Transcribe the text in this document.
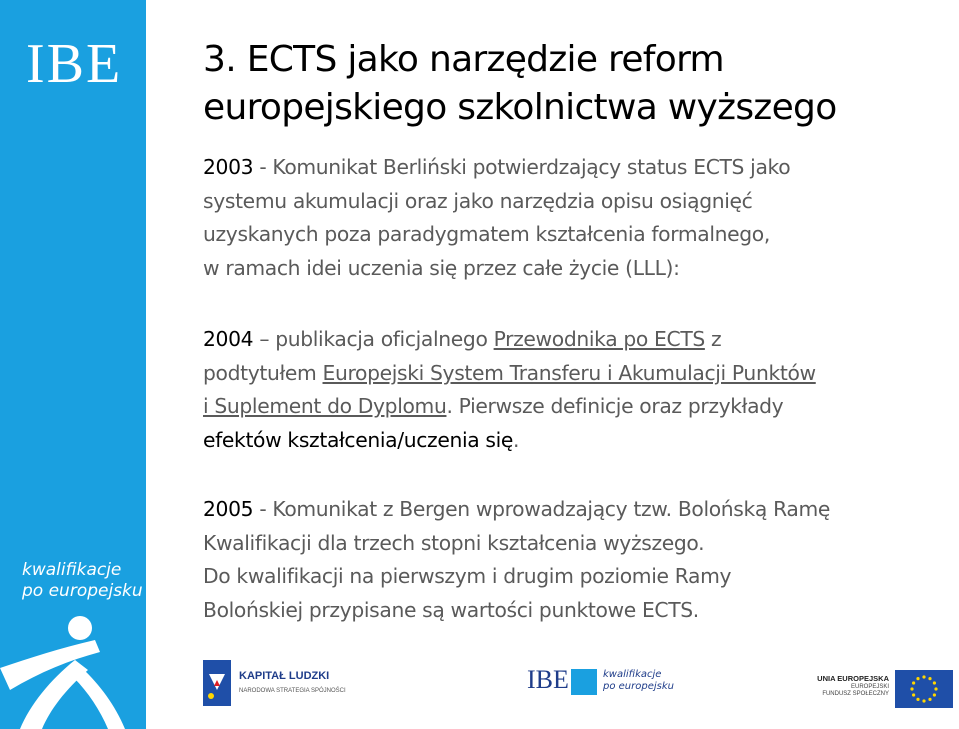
IBE
kwalifikacje
po europejsku
3. ECTS jako narzędzie reform
europejskiego szkolnictwa wyższego

2003 - Komunikat Berliński potwierdzający status ECTS jako
systemu akumulacji oraz jako narzędzia opisu osiągnięć
uzyskanych poza paradygmatem kształcenia formalnego,
w ramach idei uczenia się przez całe życie (LLL):

2004 – publikacja oficjalnego Przewodnika po ECTS z
podtytułem Europejski System Transferu i Akumulacji Punktów
i Suplement do Dyplomu. Pierwsze definicje oraz przykłady
efektów kształcenia/uczenia się.

2005 - Komunikat z Bergen wprowadzający tzw. Bolońską Ramę
Kwalifikacji dla trzech stopni kształcenia wyższego.
Do kwalifikacji na pierwszym i drugim poziomie Ramy
Bolońskiej przypisane są wartości punktowe ECTS.

KAPITAŁ LUDZKI
NARODOWA STRATEGIA SPÓJNOŚCI	IBE	kwalifikacje
po europejsku
UNIA EUROPEJSKA
EUROPEJSKI
FUNDUSZ SPOŁECZNY
